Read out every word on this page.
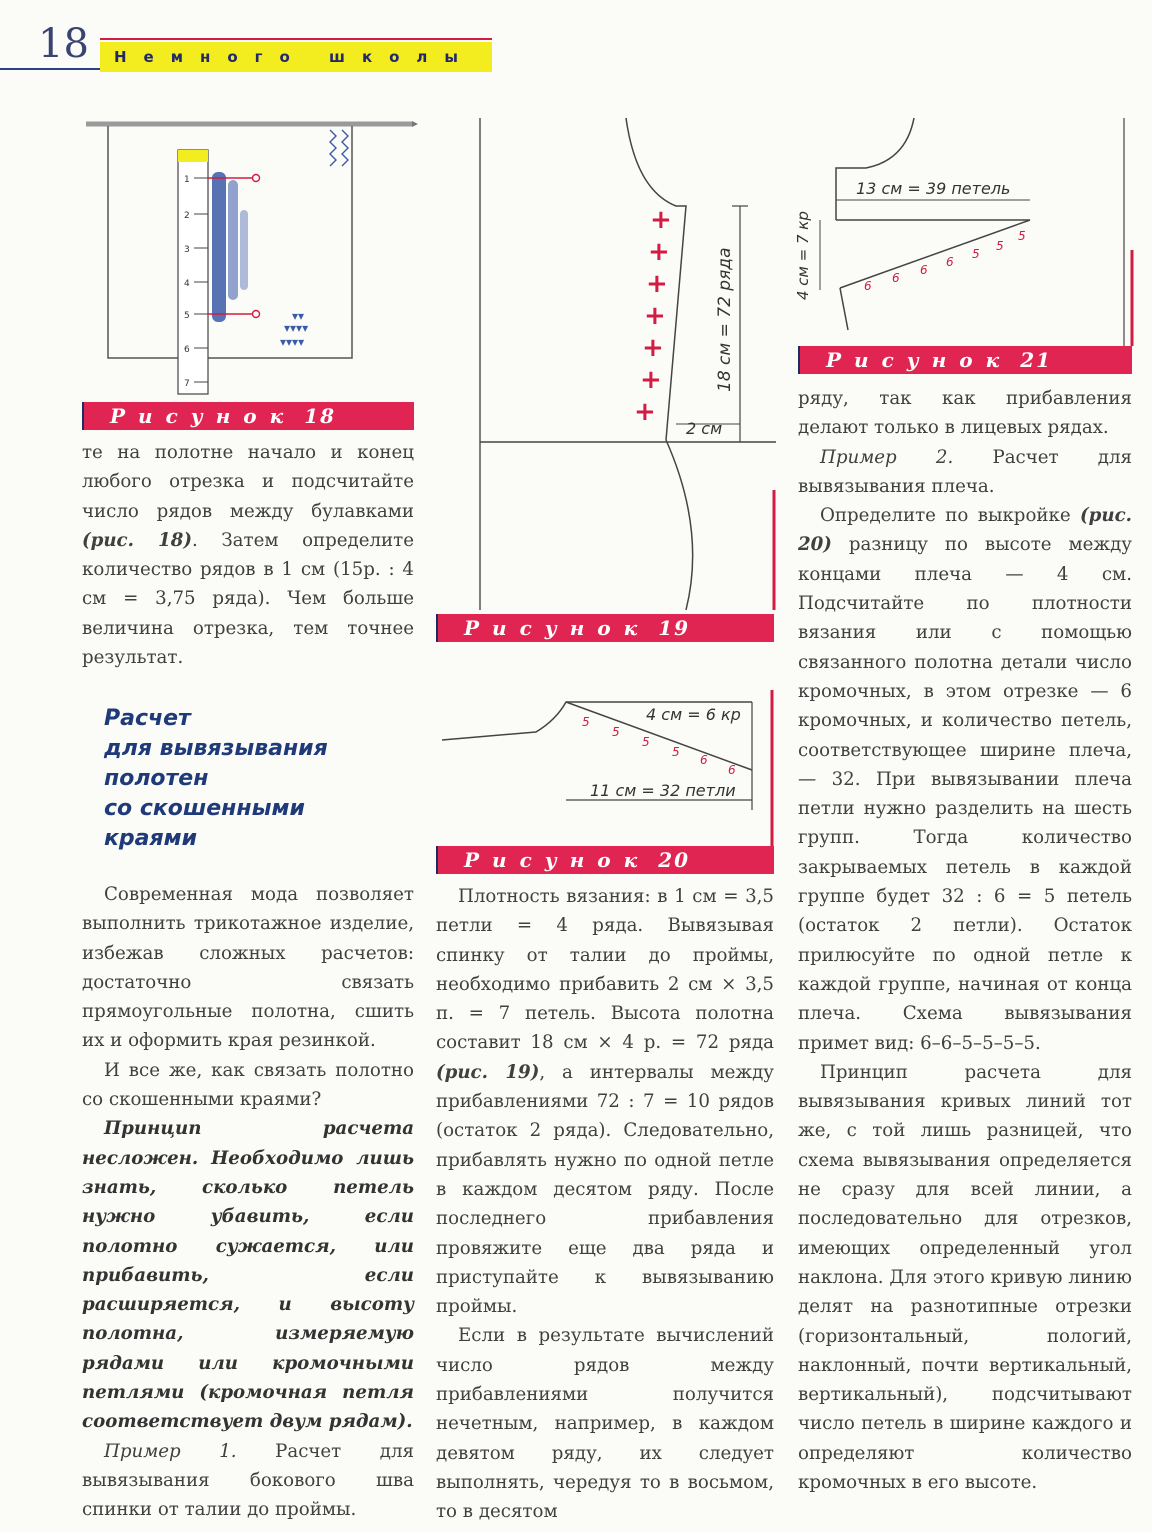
18	Немного школы
1
2
3
4
5
6
7
▾▾▾▾
▾▾▾▾
▾▾
Рисунок 18
+
+
+
+
+
+
+
18 см = 72 ряда
2 см
Рисунок 19
4 см = 6 кр
11 см = 32 петли
5
5
5
5
6
6
Рисунок 20
13 см = 39 петель
4 см = 7 кр	6
6
6
6
5
5
5
Рисунок 21

те на полотне начало и конец любого отрезка и подсчитайте число рядов между булавками (рис. 18). Затем определите количество рядов в 1 см (15р. : 4 см = 3,75 ряда). Чем больше величина отрезка, тем точнее результат.

Расчет
для вывязывания
полотен
со скошенными
краями

Современная мода позволяет выполнить трикотажное изделие, избежав сложных расчетов: достаточно связать прямоугольные полотна, сшить их и оформить края резинкой.

И все же, как связать полотно со скошенными краями?

Принцип расчета несложен. Необходимо лишь знать, сколько петель нужно убавить, если полотно сужается, или прибавить, если расширяется, и высоту полотна, измеряемую рядами или кромочными петлями (кромочная петля соответствует двум рядам).

Пример 1. Расчет для вывязывания бокового шва спинки от талии до проймы.

Плотность вязания: в 1 см = 3,5 петли = 4 ряда. Вывязывая спинку от талии до проймы, необходимо прибавить 2 см × 3,5 п. = 7 петель. Высота полотна составит 18 см × 4 р. = 72 ряда (рис. 19), а интервалы между прибавлениями 72 : 7 = 10 рядов (остаток 2 ряда). Следовательно, прибавлять нужно по одной петле в каждом десятом ряду. После последнего прибавления провяжите еще два ряда и приступайте к вывязыванию проймы.

Если в результате вычислений число рядов между прибавлениями получится нечетным, например, в каждом девятом ряду, их следует выполнять, чередуя то в восьмом, то в десятом

ряду, так как прибавления делают только в лицевых рядах.

Пример 2. Расчет для вывязывания плеча.

Определите по выкройке (рис. 20) разницу по высоте между концами плеча — 4 см. Подсчитайте по плотности вязания или с помощью связанного полотна детали число кромочных, в этом отрезке — 6 кромочных, и количество петель, соответствующее ширине плеча, — 32. При вывязывании плеча петли нужно разделить на шесть групп. Тогда количество закрываемых петель в каждой группе будет 32 : 6 = 5 петель (остаток 2 петли). Остаток прилюсуйте по одной петле к каждой группе, начиная от конца плеча. Схема вывязывания примет вид: 6–6–5–5–5–5.

Принцип расчета для вывязывания кривых линий тот же, с той лишь разницей, что схема вывязывания определяется не сразу для всей линии, а последовательно для отрезков, имеющих определенный угол наклона. Для этого кривую линию делят на разнотипные отрезки (горизонтальный, пологий, наклонный, почти вертикальный, вертикальный), подсчитывают число петель в ширине каждого и определяют количество кромочных в его высоте.
